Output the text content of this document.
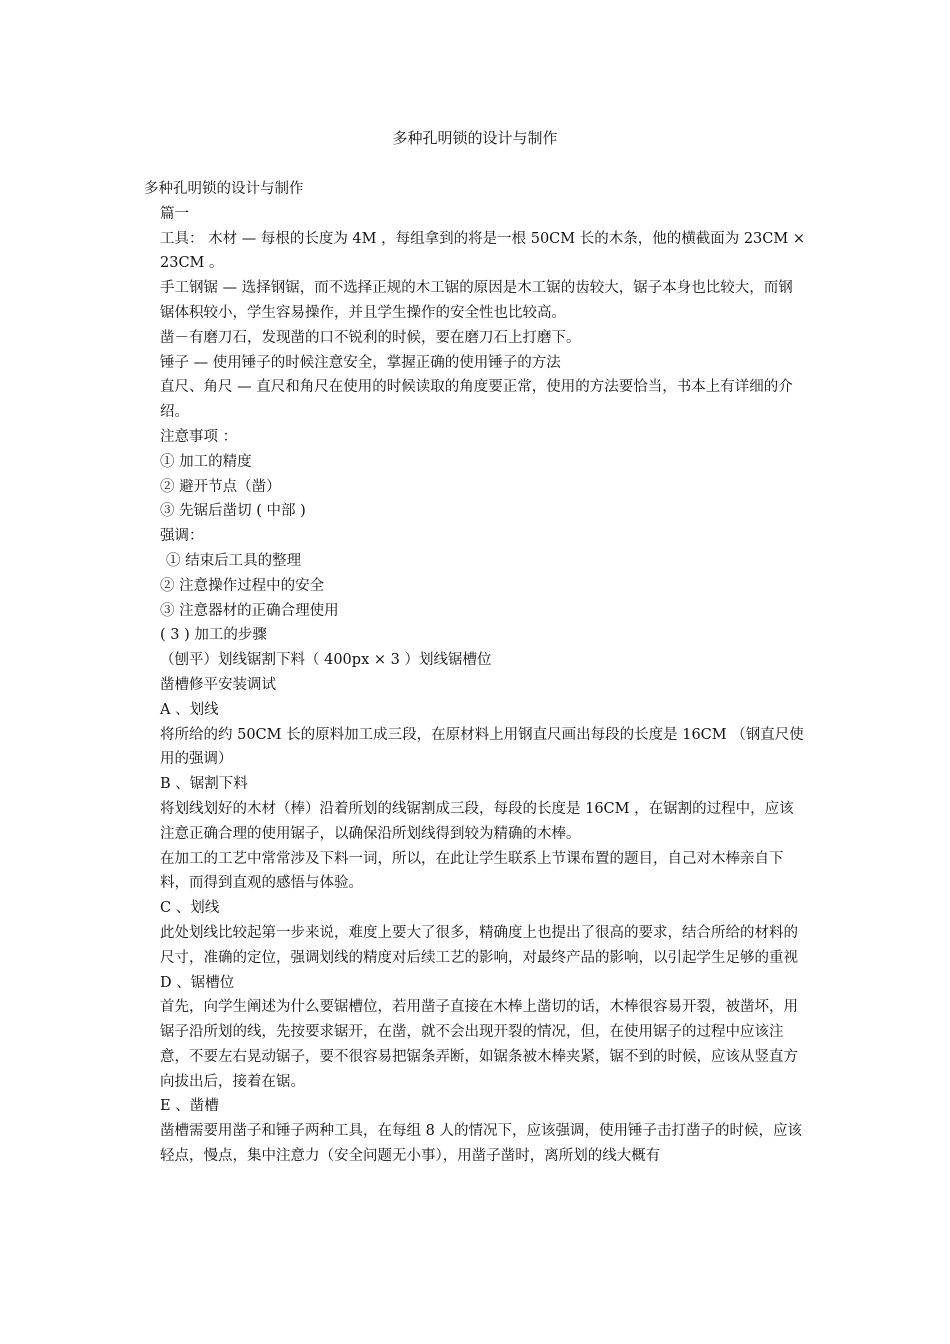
多种孔明锁的设计与制作

多种孔明锁的设计与制作

篇一

工具： 木材 — 每根的长度为 4M ，每组拿到的将是一根 50CM 长的木条，他的横截面为 23CM × 23CM 。

手工钢锯 — 选择钢锯，而不选择正规的木工锯的原因是木工锯的齿较大，锯子本身也比较大，而钢锯体积较小，学生容易操作，并且学生操作的安全性也比较高。

凿－有磨刀石，发现凿的口不锐利的时候，要在磨刀石上打磨下。

锤子 — 使用锤子的时候注意安全，掌握正确的使用锤子的方法

直尺、角尺 — 直尺和角尺在使用的时候读取的角度要正常，使用的方法要恰当，书本上有详细的介绍。

注意事项 ：

① 加工的精度

② 避开节点（凿）

③ 先锯后凿切 ( 中部 )

强调：

① 结束后工具的整理

② 注意操作过程中的安全

③ 注意器材的正确合理使用

( 3 ) 加工的步骤

（刨平）划线锯割下料（ 400px × 3 ）划线锯槽位

凿槽修平安装调试

A 、划线

将所给的约 50CM 长的原料加工成三段，在原材料上用钢直尺画出每段的长度是 16CM （钢直尺使用的强调）

B 、锯割下料

将划线划好的木材（棒）沿着所划的线锯割成三段，每段的长度是 16CM ，在锯割的过程中，应该注意正确合理的使用锯子，以确保沿所划线得到较为精确的木棒。

在加工的工艺中常常涉及下料一词，所以，在此让学生联系上节课布置的题目，自己对木棒亲自下料，而得到直观的感悟与体验。

C 、划线

此处划线比较起第一步来说，难度上要大了很多，精确度上也提出了很高的要求，结合所给的材料的尺寸，准确的定位，强调划线的精度对后续工艺的影响，对最终产品的影响，以引起学生足够的重视

D 、锯槽位

首先，向学生阐述为什么要锯槽位，若用凿子直接在木棒上凿切的话，木棒很容易开裂，被凿坏，用锯子沿所划的线，先按要求锯开，在凿，就不会出现开裂的情况，但，在使用锯子的过程中应该注意，不要左右晃动锯子，要不很容易把锯条弄断，如锯条被木棒夹紧，锯不到的时候，应该从竖直方向拔出后，接着在锯。

E 、凿槽

凿槽需要用凿子和锤子两种工具，在每组 8 人的情况下，应该强调，使用锤子击打凿子的时候，应该轻点，慢点，集中注意力（安全问题无小事），用凿子凿时，离所划的线大概有
